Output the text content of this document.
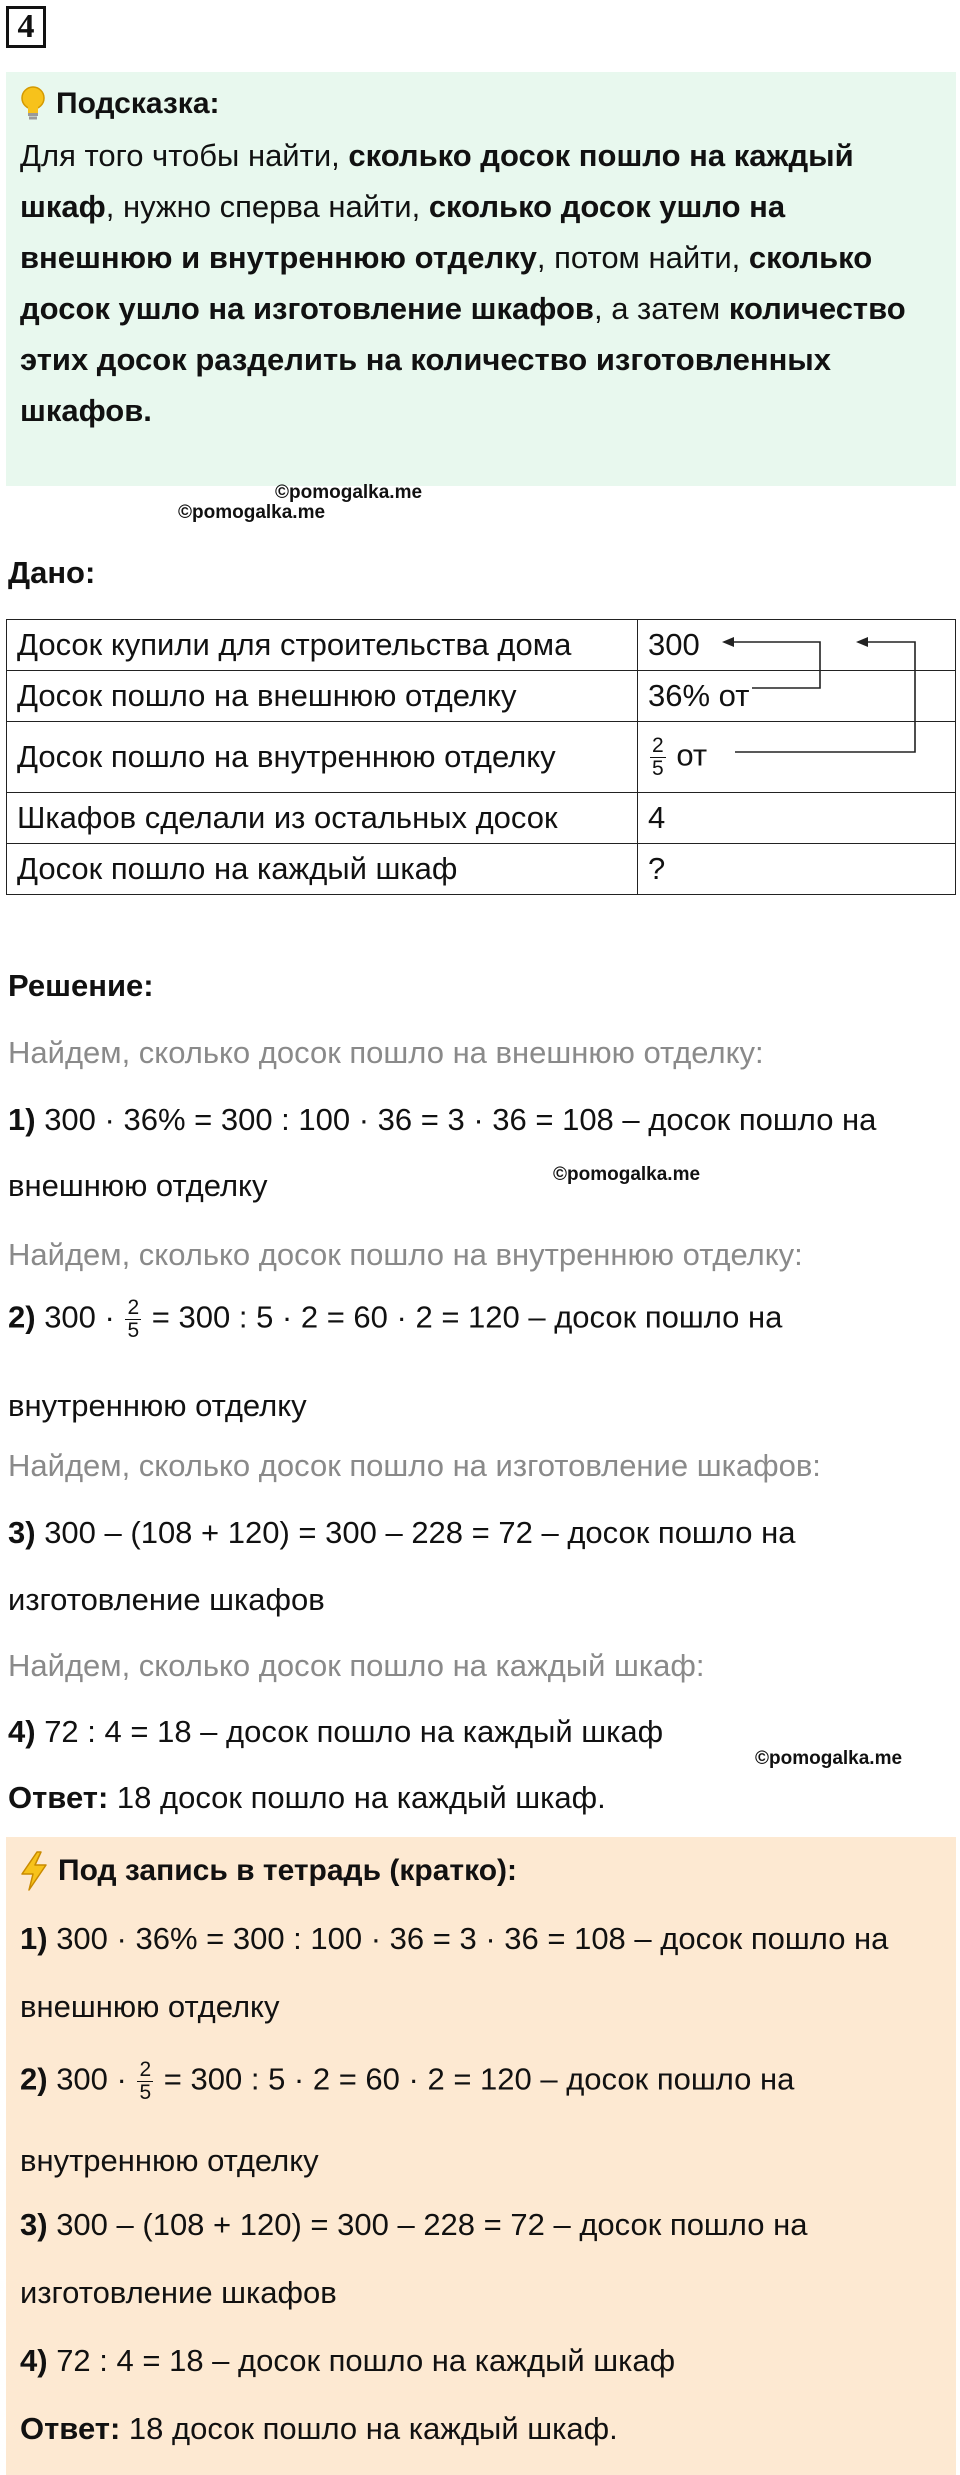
4
Подсказка:
Для того чтобы найти, сколько досок пошло на каждый шкаф, нужно сперва найти, сколько досок ушло на внешнюю и внутреннюю отделку, потом найти, сколько досок ушло на изготовление шкафов, а затем количество этих досок разделить на количество изготовленных шкафов.
©pomogalka.me
©pomogalka.me
Дано:
Досок купили для строительства дома	300
Досок пошло на внешнюю отделку	36% от
Досок пошло на внутреннюю отделку	$\frac{2}{5}$ от
Шкафов сделали из остальных досок	4
Досок пошло на каждый шкаф	?
Решение:
Найдем, сколько досок пошло на внешнюю отделку:
1) 300 · 36% = 300 : 100 · 36 = 3 · 36 = 108 – досок пошло на
внешнюю отделку	©pomogalka.me
Найдем, сколько досок пошло на внутреннюю отделку:
2) $300 \cdot \frac{2}{5} = 300$ : 5 · 2 = 60 · 2 = 120 – досок пошло на
внутреннюю отделку
Найдем, сколько досок пошло на изготовление шкафов:
3) 300 – (108 + 120) = 300 – 228 = 72 – досок пошло на
изготовление шкафов
Найдем, сколько досок пошло на каждый шкаф:
4) 72 : 4 = 18 – досок пошло на каждый шкаф
©pomogalka.me
Ответ: 18 досок пошло на каждый шкаф.
Под запись в тетрадь (кратко):
1) 300 · 36% = 300 : 100 · 36 = 3 · 36 = 108 – досок пошло на
внешнюю отделку
2) $300 \cdot \frac{2}{5} = 300$ : 5 · 2 = 60 · 2 = 120 – досок пошло на
внутреннюю отделку
3) 300 – (108 + 120) = 300 – 228 = 72 – досок пошло на
изготовление шкафов
4) 72 : 4 = 18 – досок пошло на каждый шкаф
Ответ: 18 досок пошло на каждый шкаф.
